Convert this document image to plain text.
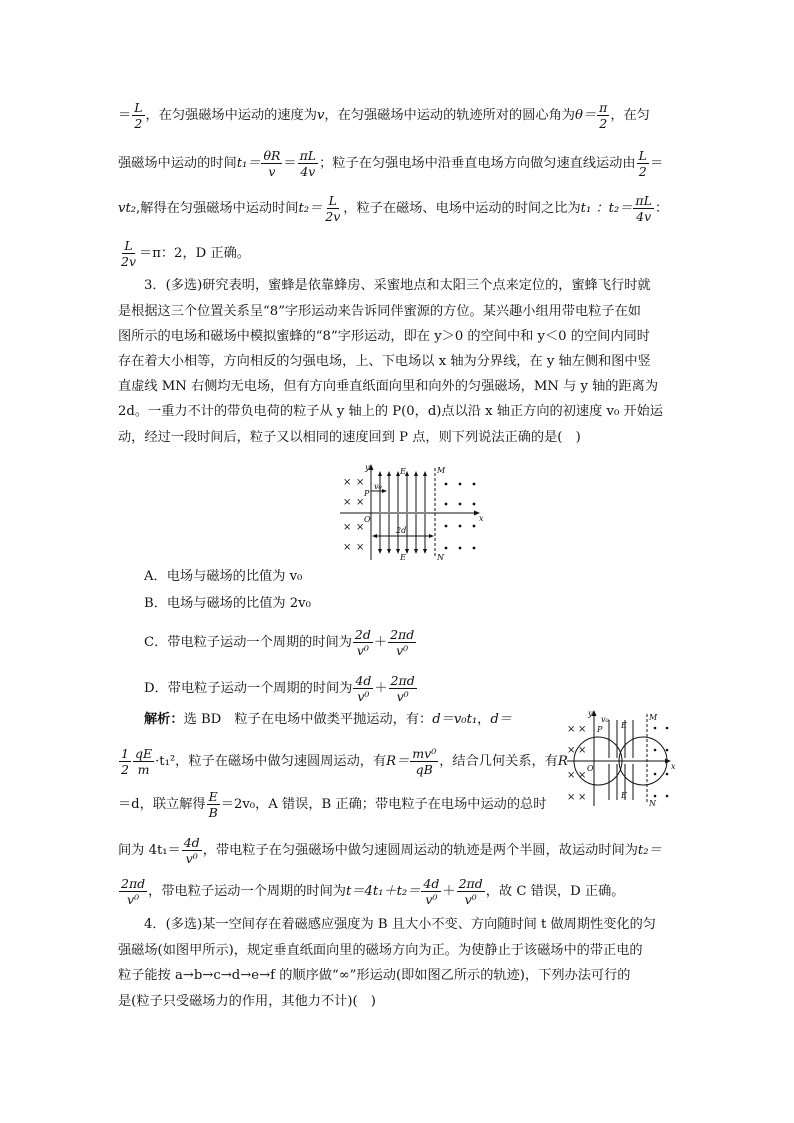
＝ $\frac{L}{2}$ ，在匀强磁场中运动的速度为v，在匀强磁场中运动的轨迹所对的圆心角为$\theta= \frac{\pi}{2}$ ，在匀
强磁场中运动的时间$t_1= \frac{\theta R}{v} = \frac{\pi L}{4v}$ ；粒子在匀强电场中沿垂直电场方向做匀速直线运动由 $\frac{L}{2}$ ＝
vt₂,解得在匀强磁场中运动时间$t_2= \frac{L}{2v}$ ，粒子在磁场、电场中运动的时间之比为t₁ ：$t_2= \frac{\pi L}{4v}$ ：
$\frac{L}{2v} =\pi$：2，D 正确。
3．(多选)研究表明，蜜蜂是依靠蜂房、采蜜地点和太阳三个点来定位的，蜜蜂飞行时就
是根据这三个位置关系呈“8”字形运动来告诉同伴蜜源的方位。某兴趣小组用带电粒子在如
图所示的电场和磁场中模拟蜜蜂的“8”字形运动，即在 y＞0 的空间中和 y＜0 的空间内同时
存在着大小相等，方向相反的匀强电场，上、下电场以 x 轴为分界线，在 y 轴左侧和图中竖
直虚线 MN 右侧均无电场，但有方向垂直纸面向里和向外的匀强磁场，MN 与 y 轴的距离为
2d。一重力不计的带负电荷的粒子从 y 轴上的 P(0，d)点以沿 x 轴正方向的初速度 v₀ 开始运
动，经过一段时间后，粒子又以相同的速度回到 P 点，则下列说法正确的是(　)
× ×
× ×
× ×
× ×
y
x
O
P
M
N
E
E
v₀
2d
A．电场与磁场的比值为 v₀
B．电场与磁场的比值为 2v₀
C．带电粒子运动一个周期的时间为 $\frac{2d}{\text{v⁰}} + \frac{2\pi d}{\text{v⁰}}$
D．带电粒子运动一个周期的时间为 $\frac{4d}{\text{v⁰}} + \frac{2\pi d}{\text{v⁰}}$
解析：选 BD　粒子在电场中做类平抛运动，有：d＝v₀t₁，d＝
$\frac{1}{2} \frac{qE}{m} \cdot t_1^2$，粒子在磁场中做匀速圆周运动，有$R= \frac{\text{mv⁰}}{qB}$ ，结合几何关系，有R
＝d，联立解得 $\frac{E}{B} =2v_0$，A 错误，B 正确；带电粒子在电场中运动的总时
间为 $4t_1= \frac{4d}{\text{v⁰}}$ ，带电粒子在匀强磁场中做匀速圆周运动的轨迹是两个半圆，故运动时间为t₂＝
$\frac{2\pi d}{\text{v⁰}}$ ，带电粒子运动一个周期的时间为$t=4t_1+t_2= \frac{4d}{\text{v⁰}} + \frac{2\pi d}{\text{v⁰}}$ ，故 C 错误，D 正确。
× ×
× ×
× ×
× ×
y
x
O
P
M
N
E
E
v₀
4．(多选)某一空间存在着磁感应强度为 B 且大小不变、方向随时间 t 做周期性变化的匀
强磁场(如图甲所示)，规定垂直纸面向里的磁场方向为正。为使静止于该磁场中的带正电的
粒子能按 a→b→c→d→e→f 的顺序做“∞”形运动(即如图乙所示的轨迹)，下列办法可行的
是(粒子只受磁场力的作用，其他力不计)(　)
